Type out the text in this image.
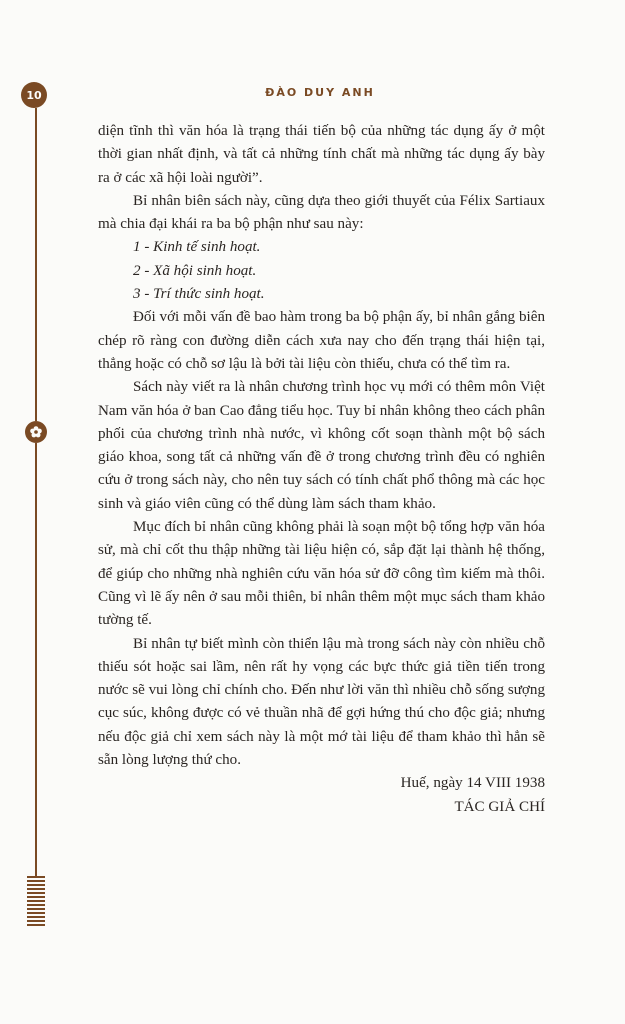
10	ĐÀO DUY ANH

diện tĩnh thì văn hóa là trạng thái tiến bộ của những tác dụng ấy ở một thời gian nhất định, và tất cả những tính chất mà những tác dụng ấy bày ra ở các xã hội loài người”.

Bỉ nhân biên sách này, cũng dựa theo giới thuyết của Félix Sartiaux mà chia đại khái ra ba bộ phận như sau này:

1 - Kinh tế sinh hoạt.

2 - Xã hội sinh hoạt.

3 - Trí thức sinh hoạt.

Đối với mỗi vấn đề bao hàm trong ba bộ phận ấy, bỉ nhân gắng biên chép rõ ràng con đường diễn cách xưa nay cho đến trạng thái hiện tại, thẳng hoặc có chỗ sơ lậu là bởi tài liệu còn thiếu, chưa có thể tìm ra.

Sách này viết ra là nhân chương trình học vụ mới có thêm môn Việt Nam văn hóa ở ban Cao đẳng tiểu học. Tuy bỉ nhân không theo cách phân phối của chương trình nhà nước, vì không cốt soạn thành một bộ sách giáo khoa, song tất cả những vấn đề ở trong chương trình đều có nghiên cứu ở trong sách này, cho nên tuy sách có tính chất phổ thông mà các học sinh và giáo viên cũng có thể dùng làm sách tham khảo.

Mục đích bỉ nhân cũng không phải là soạn một bộ tổng hợp văn hóa sử, mà chỉ cốt thu thập những tài liệu hiện có, sắp đặt lại thành hệ thống, để giúp cho những nhà nghiên cứu văn hóa sử đỡ công tìm kiếm mà thôi. Cũng vì lẽ ấy nên ở sau mỗi thiên, bỉ nhân thêm một mục sách tham khảo tường tế.

Bỉ nhân tự biết mình còn thiển lậu mà trong sách này còn nhiều chỗ thiếu sót hoặc sai lầm, nên rất hy vọng các bực thức giả tiền tiến trong nước sẽ vui lòng chỉ chính cho. Đến như lời văn thì nhiều chỗ sống sượng cục súc, không được có vẻ thuần nhã để gợi hứng thú cho độc giả; nhưng nếu độc giả chỉ xem sách này là một mớ tài liệu để tham khảo thì hẳn sẽ sẵn lòng lượng thứ cho.

Huế, ngày 14 VIII 1938

TÁC GIẢ CHÍ
